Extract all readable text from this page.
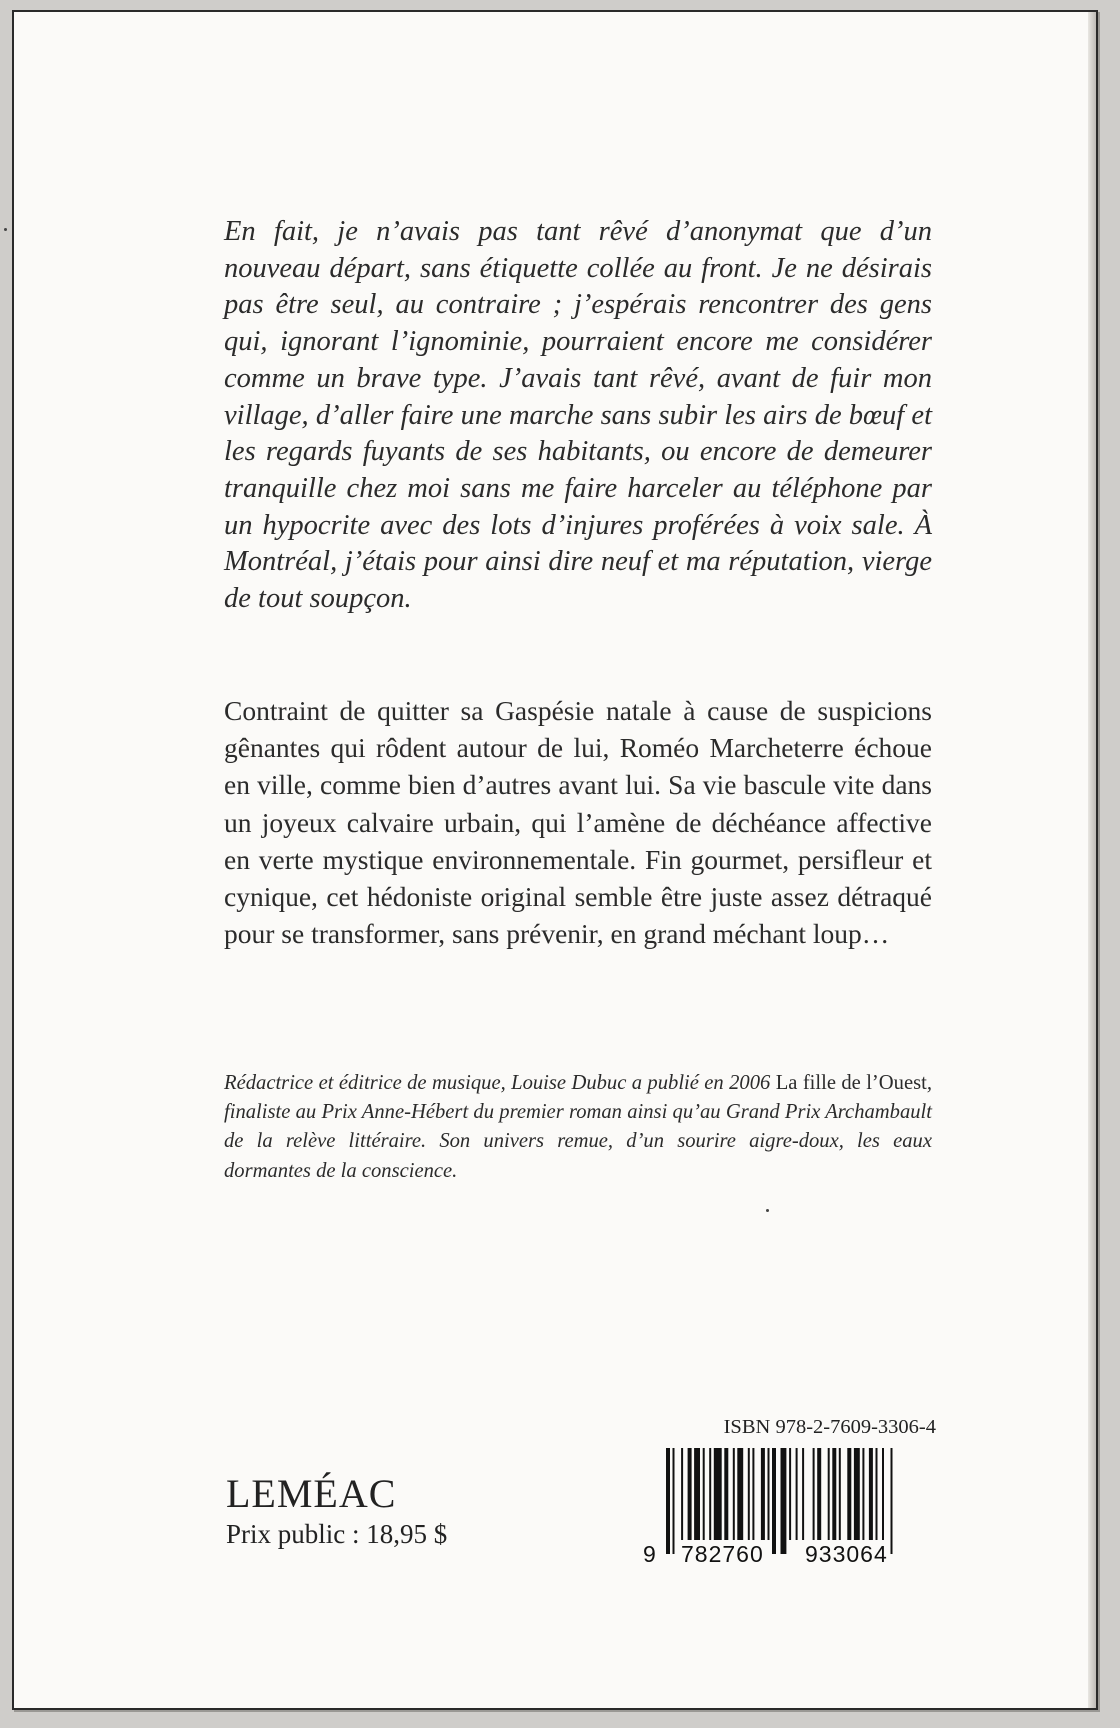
En fait, je n’avais pas tant rêvé d’anonymat que d’un nouveau départ, sans étiquette collée au front. Je ne désirais pas être seul, au contraire ; j’espérais rencontrer des gens qui, ignorant l’ignominie, pourraient encore me considérer comme un brave type. J’avais tant rêvé, avant de fuir mon village, d’aller faire une marche sans subir les airs de bœuf et les regards fuyants de ses habitants, ou encore de demeurer tranquille chez moi sans me faire harceler au téléphone par un hypocrite avec des lots d’injures proférées à voix sale. À Montréal, j’étais pour ainsi dire neuf et ma réputation, vierge de tout soupçon.

Contraint de quitter sa Gaspésie natale à cause de suspicions gênantes qui rôdent autour de lui, Roméo Marcheterre échoue en ville, comme bien d’autres avant lui. Sa vie bascule vite dans un joyeux calvaire urbain, qui l’amène de déchéance affective en verte mystique environnementale. Fin gourmet, persifleur et cynique, cet hédoniste original semble être juste assez détraqué pour se transformer, sans prévenir, en grand méchant loup…

Rédactrice et éditrice de musique, Louise Dubuc a publié en 2006 La fille de l’Ouest, finaliste au Prix Anne-Hébert du premier roman ainsi qu’au Grand Prix Archambault de la relève littéraire. Son univers remue, d’un sourire aigre-doux, les eaux dormantes de la conscience.

LEMÉAC
Prix public : 18,95 $
ISBN 978-2-7609-3306-4
9 782760 933064
